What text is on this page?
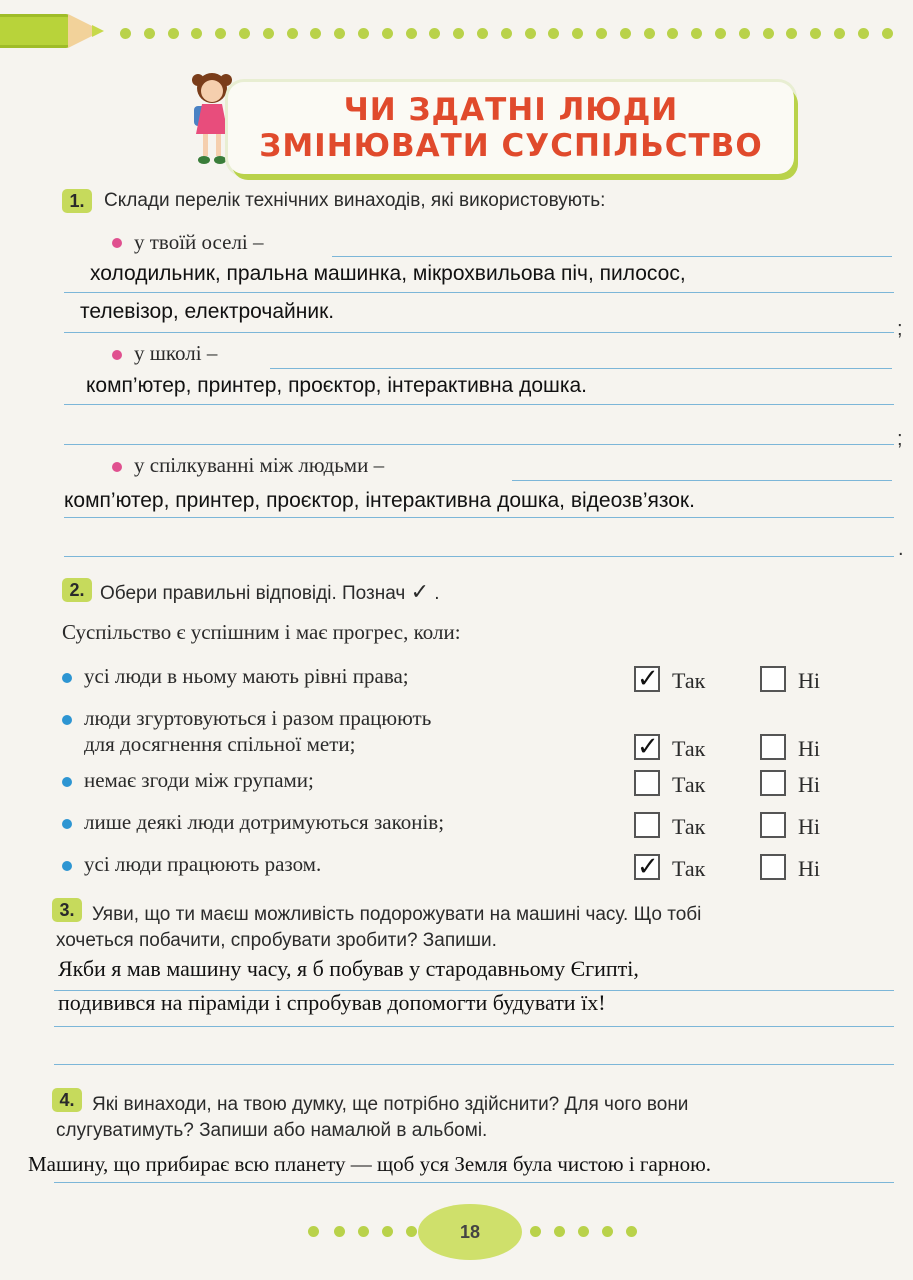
ЧИ ЗДАТНІ ЛЮДИ
ЗМІНЮВАТИ СУСПІЛЬСТВО
1.	Склади перелік технічних винаходів, які використовують:
у твоїй оселі –
холодильник, пральна машинка, мікрохвильова піч, пилосос,
телевізор, електрочайник.
;
у школі –
комп’ютер, принтер, проєктор, інтерактивна дошка.
;
у спілкуванні між людьми –
комп’ютер, принтер, проєктор, інтерактивна дошка, відеозв’язок.
.
2. Обери правильні відповіді. Познач ✓ .
Суспільство є успішним і має прогрес, коли:
3. Уяви, що ти маєш можливість подорожувати на машині часу. Що тобі
хочеться побачити, спробувати зробити? Запиши.
Якби я мав машину часу, я б побував у стародавньому Єгипті,
подивився на піраміди і спробував допомогти будувати їх!
4. Які винаходи, на твою думку, ще потрібно здійснити? Для чого вони
слугуватимуть? Запиши або намалюй в альбомі.
Машину, що прибирає всю планету — щоб уся Земля була чистою і гарною.
18
усі люди в ньому мають рівні права;	✓ Так	Ні
люди згуртовуються і разом працюють
для досягнення спільної мети;	✓ Так	Ні
немає згоди між групами;	Так	Ні
лише деякі люди дотримуються законів;	Так	Ні
усі люди працюють разом.	✓ Так	Ні
